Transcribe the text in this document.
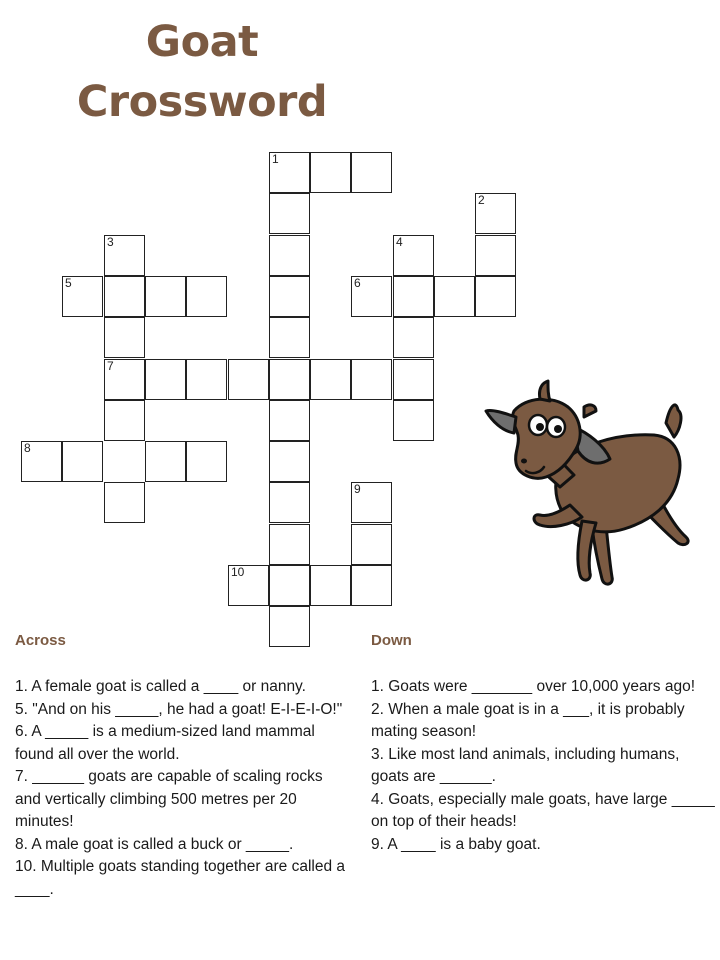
Goat
Crossword
1
2
3	4
5	6
7
8
9
10
Across	Down

1. A female goat is called a ____ or nanny.

5. "And on his _____, he had a goat! E-I-E-I-O!"

6. A _____ is a medium-sized land mammal found all over the world.

7. ______ goats are capable of scaling rocks and vertically climbing 500 metres per 20 minutes!

8. A male goat is called a buck or _____.

10. Multiple goats standing together are called a ____.

1. Goats were _______ over 10,000 years ago!

2. When a male goat is in a ___, it is probably mating season!

3. Like most land animals, including humans, goats are ______.

4. Goats, especially male goats, have large _____ on top of their heads!

9. A ____ is a baby goat.
